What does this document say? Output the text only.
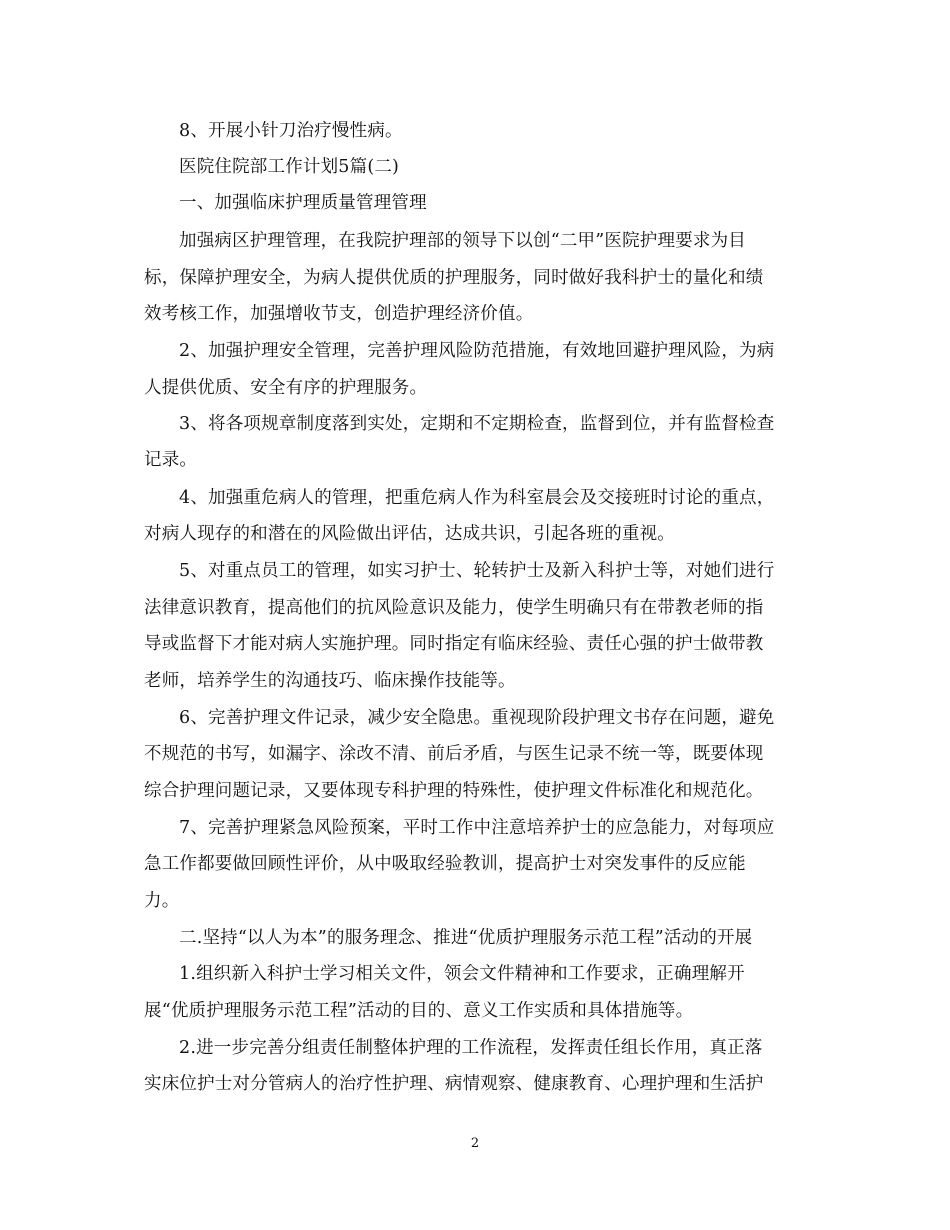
8、开展小针刀治疗慢性病。
医院住院部工作计划5篇(二)
一、加强临床护理质量管理管理
加强病区护理管理，在我院护理部的领导下以创“二甲”医院护理要求为目
标，保障护理安全，为病人提供优质的护理服务，同时做好我科护士的量化和绩
效考核工作，加强增收节支，创造护理经济价值。
2、加强护理安全管理，完善护理风险防范措施，有效地回避护理风险，为病
人提供优质、安全有序的护理服务。
3、将各项规章制度落到实处，定期和不定期检查，监督到位，并有监督检查
记录。
4、加强重危病人的管理，把重危病人作为科室晨会及交接班时讨论的重点，
对病人现存的和潜在的风险做出评估，达成共识，引起各班的重视。
5、对重点员工的管理，如实习护士、轮转护士及新入科护士等，对她们进行
法律意识教育，提高他们的抗风险意识及能力，使学生明确只有在带教老师的指
导或监督下才能对病人实施护理。同时指定有临床经验、责任心强的护士做带教
老师，培养学生的沟通技巧、临床操作技能等。
6、完善护理文件记录，减少安全隐患。重视现阶段护理文书存在问题，避免
不规范的书写，如漏字、涂改不清、前后矛盾，与医生记录不统一等，既要体现
综合护理问题记录，又要体现专科护理的特殊性，使护理文件标准化和规范化。
7、完善护理紧急风险预案，平时工作中注意培养护士的应急能力，对每项应
急工作都要做回顾性评价，从中吸取经验教训，提高护士对突发事件的反应能
力。
二.坚持“以人为本”的服务理念、推进“优质护理服务示范工程”活动的开展
1.组织新入科护士学习相关文件，领会文件精神和工作要求，正确理解开
展“优质护理服务示范工程”活动的目的、意义工作实质和具体措施等。
2.进一步完善分组责任制整体护理的工作流程，发挥责任组长作用，真正落
实床位护士对分管病人的治疗性护理、病情观察、健康教育、心理护理和生活护
2
